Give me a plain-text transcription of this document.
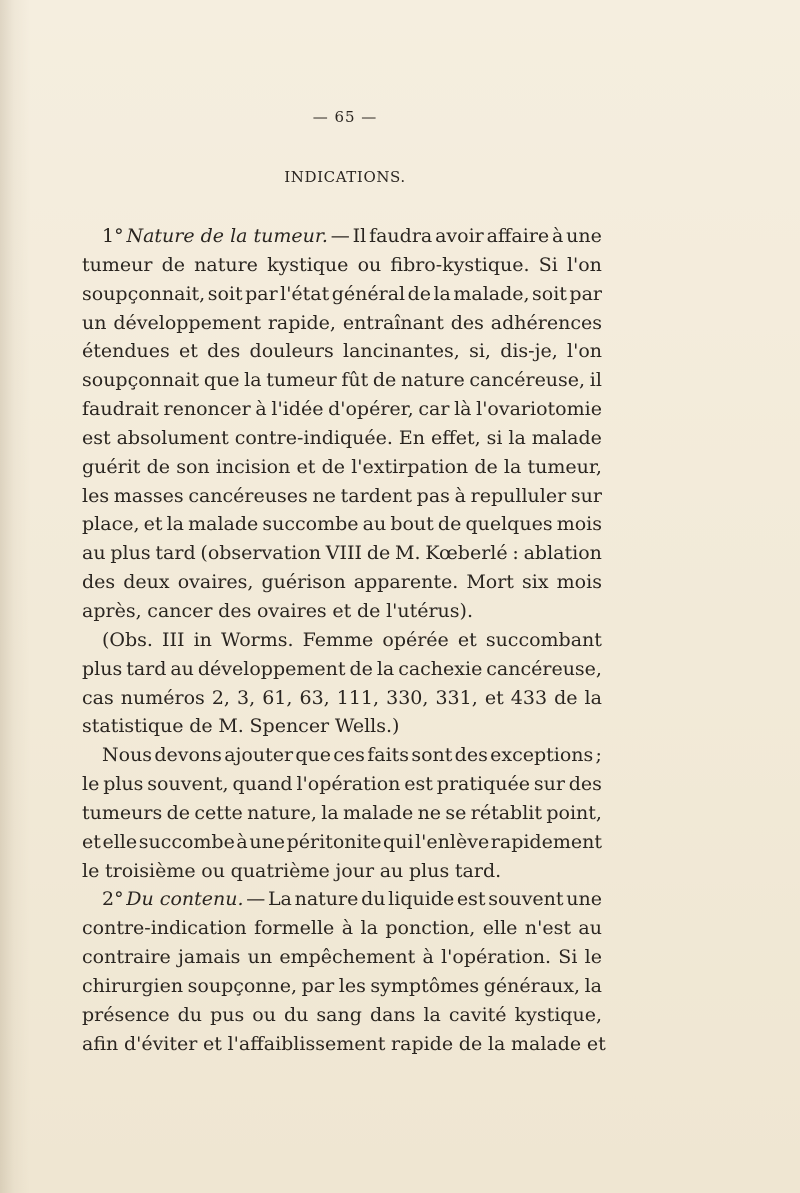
— 65 —
INDICATIONS.
1° Nature de la tumeur. — Il faudra avoir affaire à une
tumeur de nature kystique ou fibro-kystique. Si l'on
soupçonnait, soit par l'état général de la malade, soit par
un développement rapide, entraînant des adhérences
étendues et des douleurs lancinantes, si, dis-je, l'on
soupçonnait que la tumeur fût de nature cancéreuse, il
faudrait renoncer à l'idée d'opérer, car là l'ovariotomie
est absolument contre-indiquée. En effet, si la malade
guérit de son incision et de l'extirpation de la tumeur,
les masses cancéreuses ne tardent pas à repulluler sur
place, et la malade succombe au bout de quelques mois
au plus tard (observation VIII de M. Kœberlé : ablation
des deux ovaires, guérison apparente. Mort six mois
après, cancer des ovaires et de l'utérus).
(Obs. III in Worms. Femme opérée et succombant
plus tard au développement de la cachexie cancéreuse,
cas numéros 2, 3, 61, 63, 111, 330, 331, et 433 de la
statistique de M. Spencer Wells.)
Nous devons ajouter que ces faits sont des exceptions ;
le plus souvent, quand l'opération est pratiquée sur des
tumeurs de cette nature, la malade ne se rétablit point,
et elle succombe à une péritonite qui l'enlève rapidement
le troisième ou quatrième jour au plus tard.
2° Du contenu. — La nature du liquide est souvent une
contre-indication formelle à la ponction, elle n'est au
contraire jamais un empêchement à l'opération. Si le
chirurgien soupçonne, par les symptômes généraux, la
présence du pus ou du sang dans la cavité kystique,
afin d'éviter et l'affaiblissement rapide de la malade et
